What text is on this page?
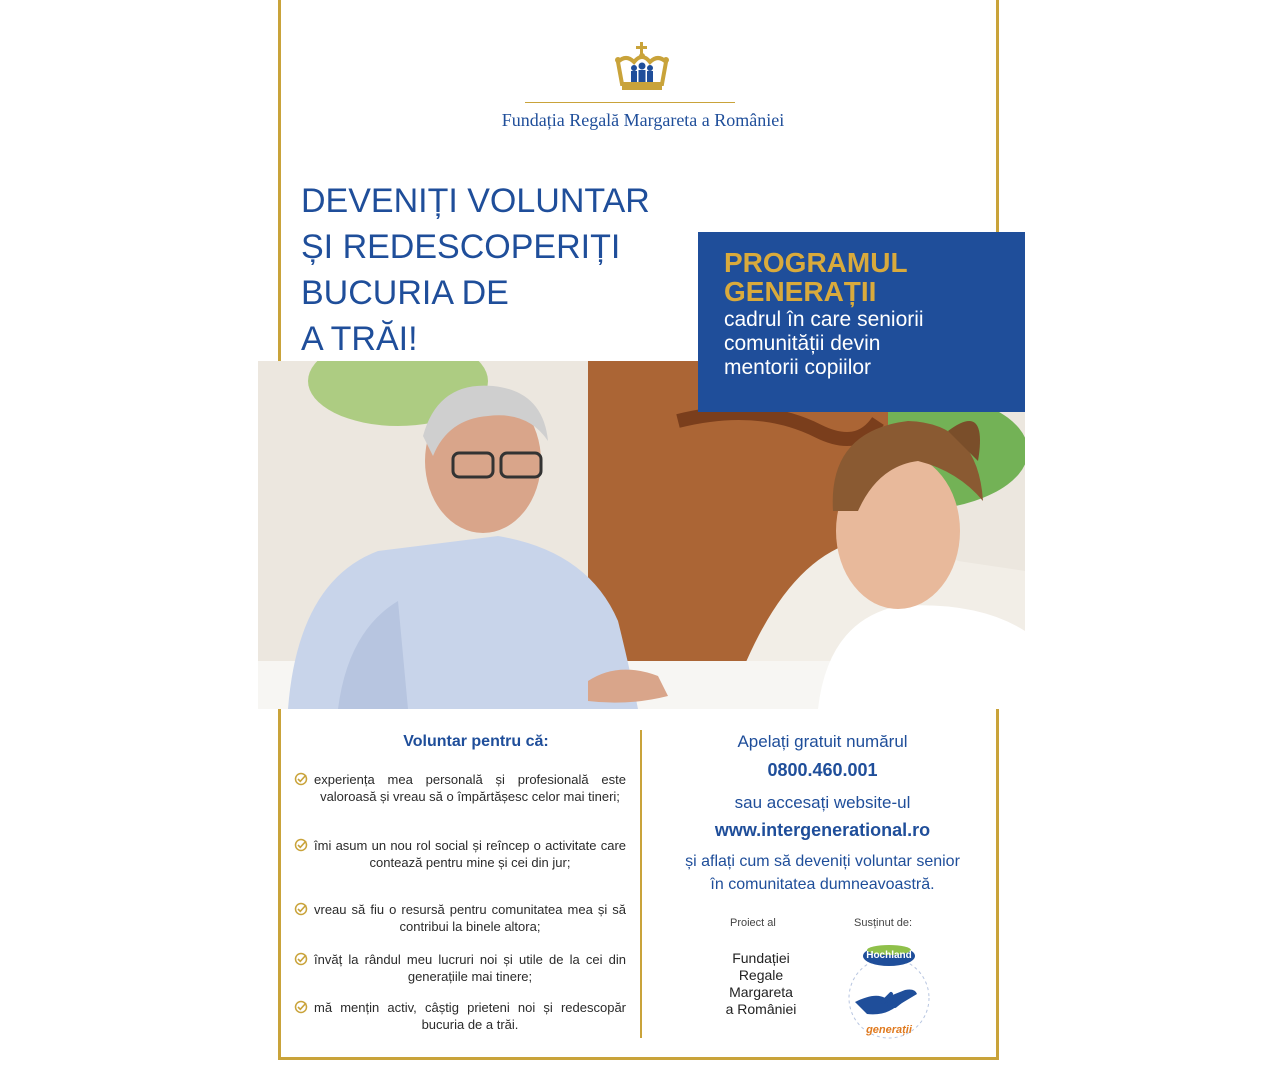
Fundația Regală Margareta a României
DEVENIȚI VOLUNTAR
ȘI REDESCOPERIȚI
BUCURIA DE
A TRĂI!
PROGRAMUL
GENERAȚII
cadrul în care seniorii
comunității devin
mentorii copiilor
Voluntar pentru că:

experiența mea personală și profesională este valoroasă și vreau să o împărtășesc celor mai tineri;

îmi asum un nou rol social și reîncep o activitate care contează pentru mine și cei din jur;

vreau să fiu o resursă pentru comunitatea mea și să contribui la binele altora;

învăț la rândul meu lucruri noi și utile de la cei din generațiile mai tinere;

mă mențin activ, câștig prieteni noi și redescopăr bucuria de a trăi.

Apelați gratuit numărul
0800.460.001
sau accesați website-ul
www.intergenerational.ro
și aflați cum să deveniți voluntar senior
în comunitatea dumneavoastră.
Proiect al	Susținut de:
Fundației
Regale
Margareta
a României
Hochland
generații
